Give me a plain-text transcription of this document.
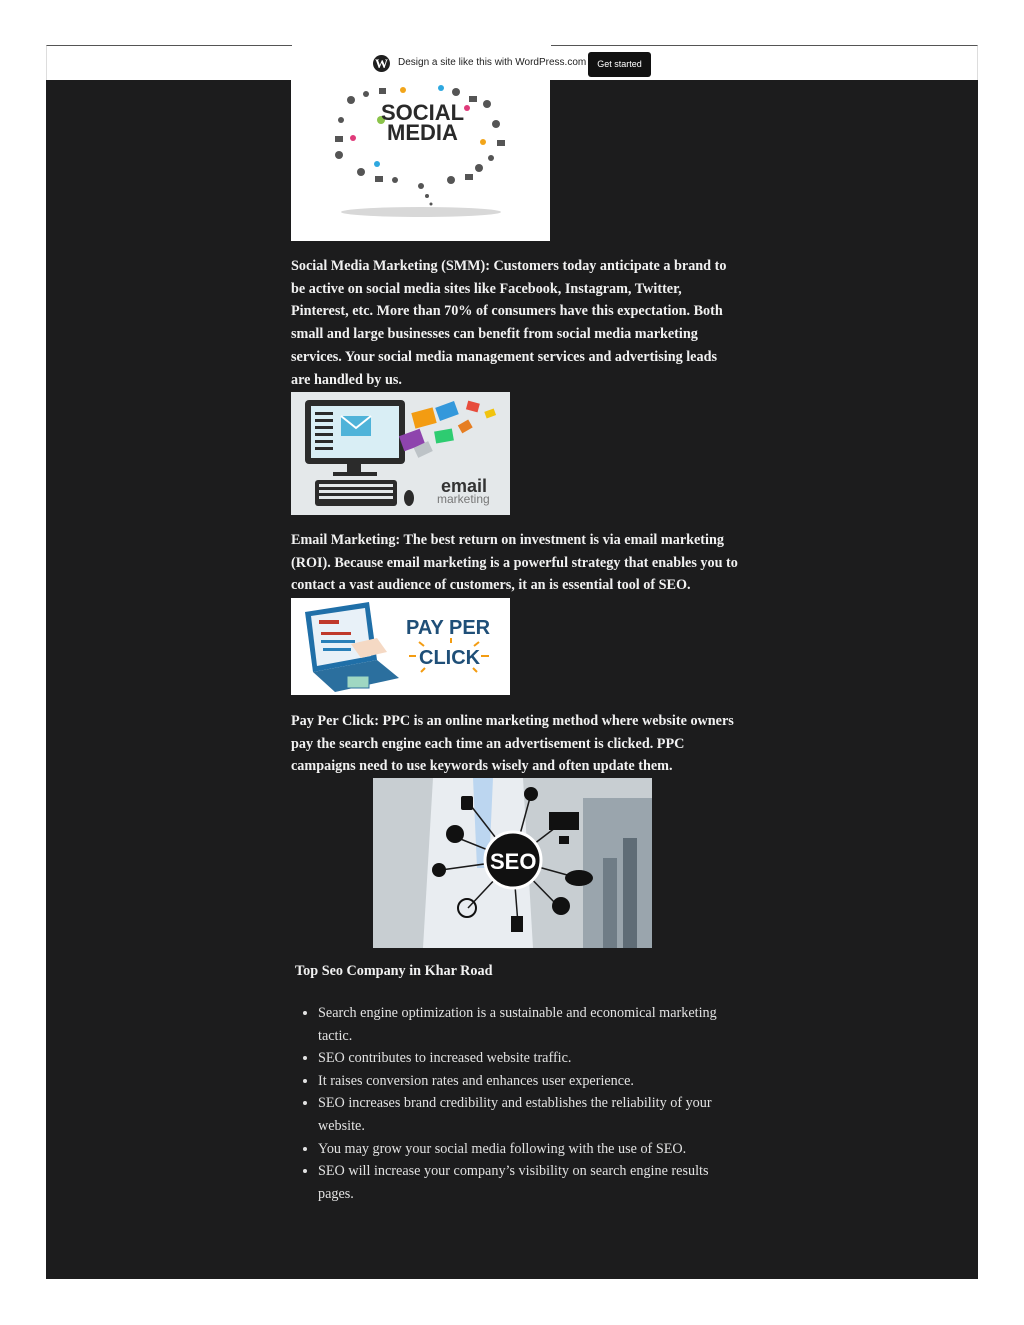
W Design a site like this with WordPress.com	Get started
SOCIAL
MEDIA

Social Media Marketing (SMM): Customers today anticipate a brand to be active on social media sites like Facebook, Instagram, Twitter, Pinterest, etc. More than 70% of consumers have this expectation. Both small and large businesses can benefit from social media marketing services. Your social media management services and advertising leads are handled by us.

email
marketing

Email Marketing: The best return on investment is via email marketing (ROI). Because email marketing is a powerful strategy that enables you to contact a vast audience of customers, it an is essential tool of SEO.

PAY PER
CLICK

Pay Per Click: PPC is an online marketing method where website owners pay the search engine each time an advertisement is clicked. PPC campaigns need to use keywords wisely and often update them.

SEO

Top Seo Company in Khar Road

• Search engine optimization is a sustainable and economical marketing tactic.
• SEO contributes to increased website traffic.
• It raises conversion rates and enhances user experience.
• SEO increases brand credibility and establishes the reliability of your website.
• You may grow your social media following with the use of SEO.
• SEO will increase your company’s visibility on search engine results pages.
